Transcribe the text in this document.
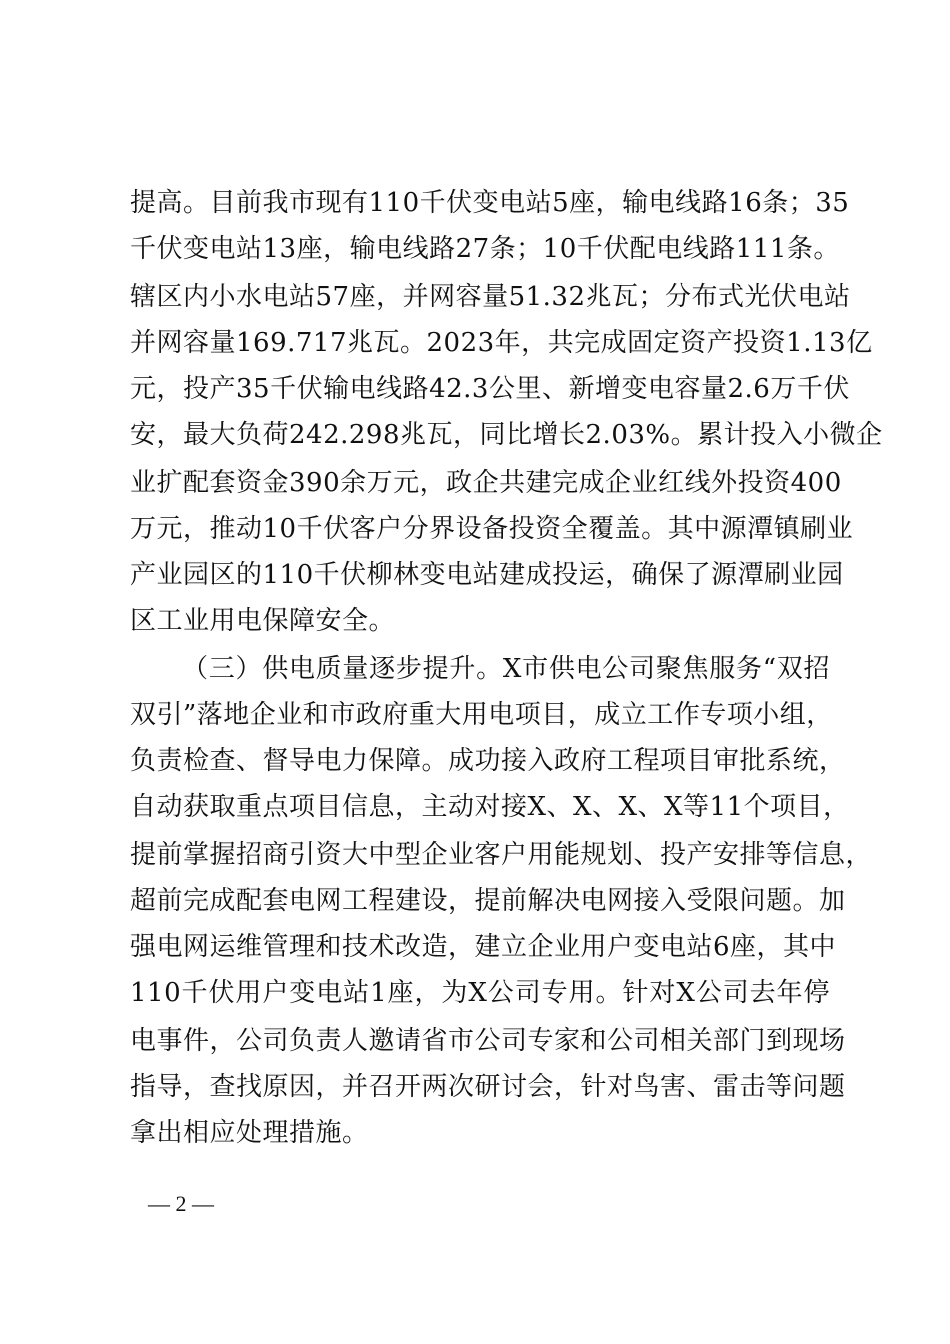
提高。目前我市现有110千伏变电站5座，输电线路16条；35
千伏变电站13座，输电线路27条；10千伏配电线路111条。
辖区内小水电站57座，并网容量51.32兆瓦；分布式光伏电站
并网容量169.717兆瓦。2023年，共完成固定资产投资1.13亿
元，投产35千伏输电线路42.3公里、新增变电容量2.6万千伏
安，最大负荷242.298兆瓦，同比增长2.03%。累计投入小微企
业扩配套资金390余万元，政企共建完成企业红线外投资400
万元，推动10千伏客户分界设备投资全覆盖。其中源潭镇刷业
产业园区的110千伏柳林变电站建成投运，确保了源潭刷业园
区工业用电保障安全。
（三）供电质量逐步提升。X市供电公司聚焦服务“双招
双引”落地企业和市政府重大用电项目，成立工作专项小组，
负责检查、督导电力保障。成功接入政府工程项目审批系统，
自动获取重点项目信息，主动对接X、X、X、X等11个项目，
提前掌握招商引资大中型企业客户用能规划、投产安排等信息，
超前完成配套电网工程建设，提前解决电网接入受限问题。加
强电网运维管理和技术改造，建立企业用户变电站6座，其中
110千伏用户变电站1座，为X公司专用。针对X公司去年停
电事件，公司负责人邀请省市公司专家和公司相关部门到现场
指导，查找原因，并召开两次研讨会，针对鸟害、雷击等问题
拿出相应处理措施。
— 2 —
